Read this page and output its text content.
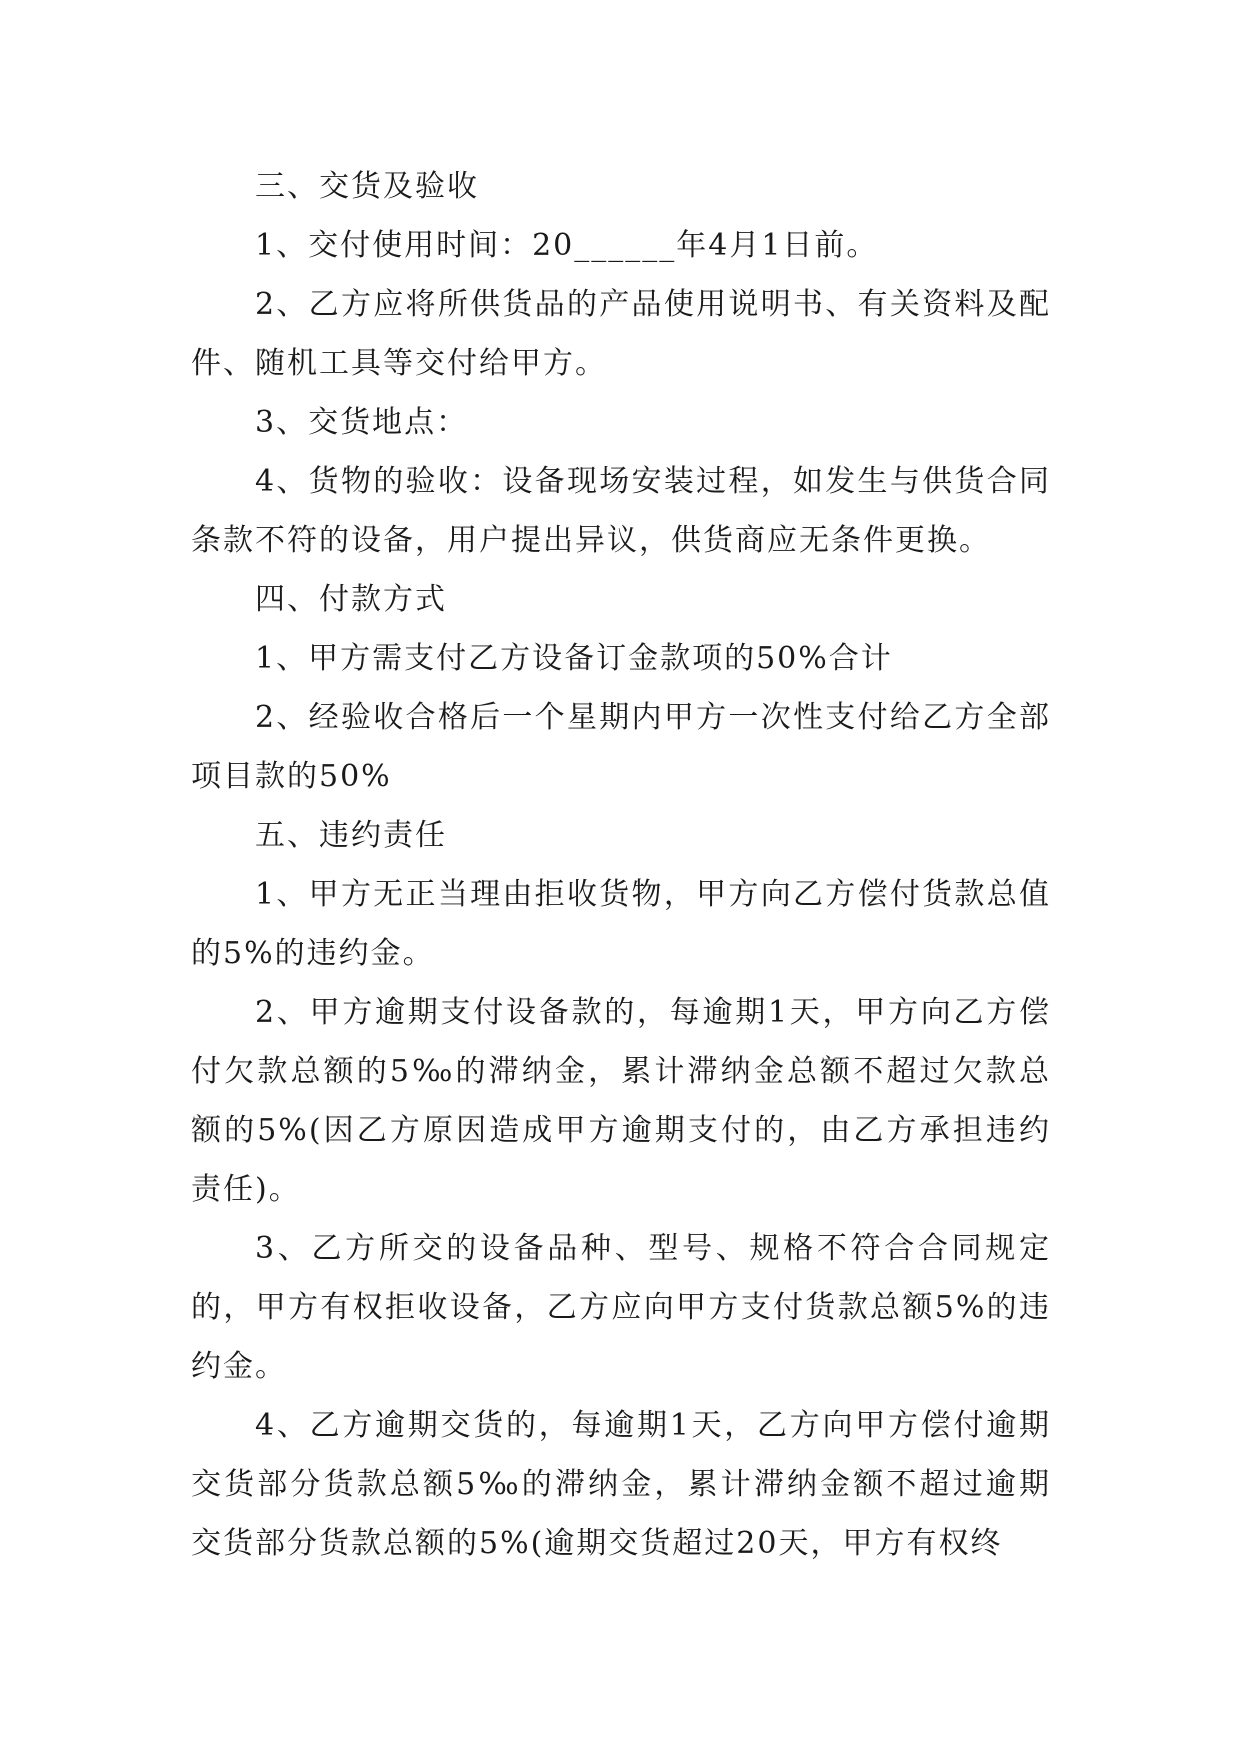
三、交货及验收

1、交付使用时间：20______年4月1日前。

2、乙方应将所供货品的产品使用说明书、有关资料及配件、随机工具等交付给甲方。

3、交货地点：

4、货物的验收：设备现场安装过程，如发生与供货合同条款不符的设备，用户提出异议，供货商应无条件更换。

四、付款方式

1、甲方需支付乙方设备订金款项的50%合计

2、经验收合格后一个星期内甲方一次性支付给乙方全部项目款的50%

五、违约责任

1、甲方无正当理由拒收货物，甲方向乙方偿付货款总值的5%的违约金。

2、甲方逾期支付设备款的，每逾期1天，甲方向乙方偿付欠款总额的5‰的滞纳金，累计滞纳金总额不超过欠款总额的5%(因乙方原因造成甲方逾期支付的，由乙方承担违约责任)。

3、乙方所交的设备品种、型号、规格不符合合同规定的，甲方有权拒收设备，乙方应向甲方支付货款总额5%的违约金。

4、乙方逾期交货的，每逾期1天，乙方向甲方偿付逾期交货部分货款总额5‰的滞纳金，累计滞纳金额不超过逾期交货部分货款总额的5%(逾期交货超过20天，甲方有权终
